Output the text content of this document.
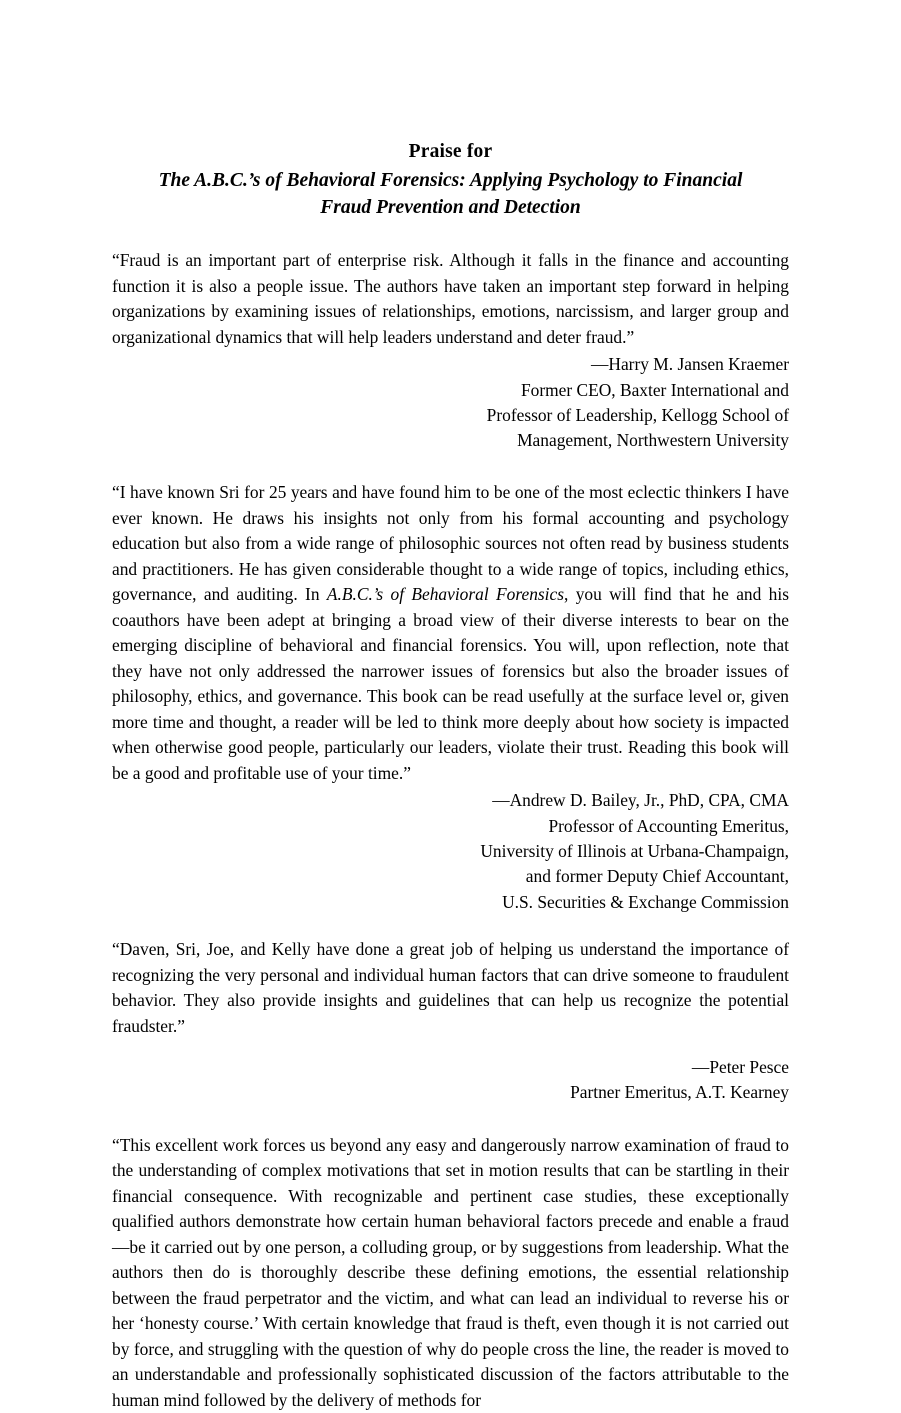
Praise for
The A.B.C.’s of Behavioral Forensics: Applying Psychology to Financial
Fraud Prevention and Detection

“Fraud is an important part of enterprise risk. Although it falls in the finance and accounting function it is also a people issue. The authors have taken an important step forward in helping organizations by examining issues of relationships, emotions, narcissism, and larger group and organizational dynamics that will help leaders understand and deter fraud.”

—Harry M. Jansen Kraemer
Former CEO, Baxter International and
Professor of Leadership, Kellogg School of
Management, Northwestern University

“I have known Sri for 25 years and have found him to be one of the most eclectic thinkers I have ever known. He draws his insights not only from his formal accounting and psychology education but also from a wide range of philosophic sources not often read by business students and practitioners. He has given considerable thought to a wide range of topics, including ethics, governance, and auditing. In A.B.C.’s of Behavioral Forensics, you will find that he and his coauthors have been adept at bringing a broad view of their diverse interests to bear on the emerging discipline of behavioral and financial forensics. You will, upon reflection, note that they have not only addressed the narrower issues of forensics but also the broader issues of philosophy, ethics, and governance. This book can be read usefully at the surface level or, given more time and thought, a reader will be led to think more deeply about how society is impacted when otherwise good people, particularly our leaders, violate their trust. Reading this book will be a good and profitable use of your time.”

—Andrew D. Bailey, Jr., PhD, CPA, CMA
Professor of Accounting Emeritus,
University of Illinois at Urbana-Champaign,
and former Deputy Chief Accountant,
U.S. Securities & Exchange Commission

“Daven, Sri, Joe, and Kelly have done a great job of helping us understand the importance of recognizing the very personal and individual human factors that can drive someone to fraudulent behavior. They also provide insights and guidelines that can help us recognize the potential fraudster.”

—Peter Pesce
Partner Emeritus, A.T. Kearney

“This excellent work forces us beyond any easy and dangerously narrow examination of fraud to the understanding of complex motivations that set in motion results that can be startling in their financial consequence. With recognizable and pertinent case studies, these exceptionally qualified authors demonstrate how certain human behavioral factors precede and enable a fraud—be it carried out by one person, a colluding group, or by suggestions from leadership. What the authors then do is thoroughly describe these defining emotions, the essential relationship between the fraud perpetrator and the victim, and what can lead an individual to reverse his or her ‘honesty course.’ With certain knowledge that fraud is theft, even though it is not carried out by force, and struggling with the question of why do people cross the line, the reader is moved to an understandable and professionally sophisticated discussion of the factors attributable to the human mind followed by the delivery of methods for
